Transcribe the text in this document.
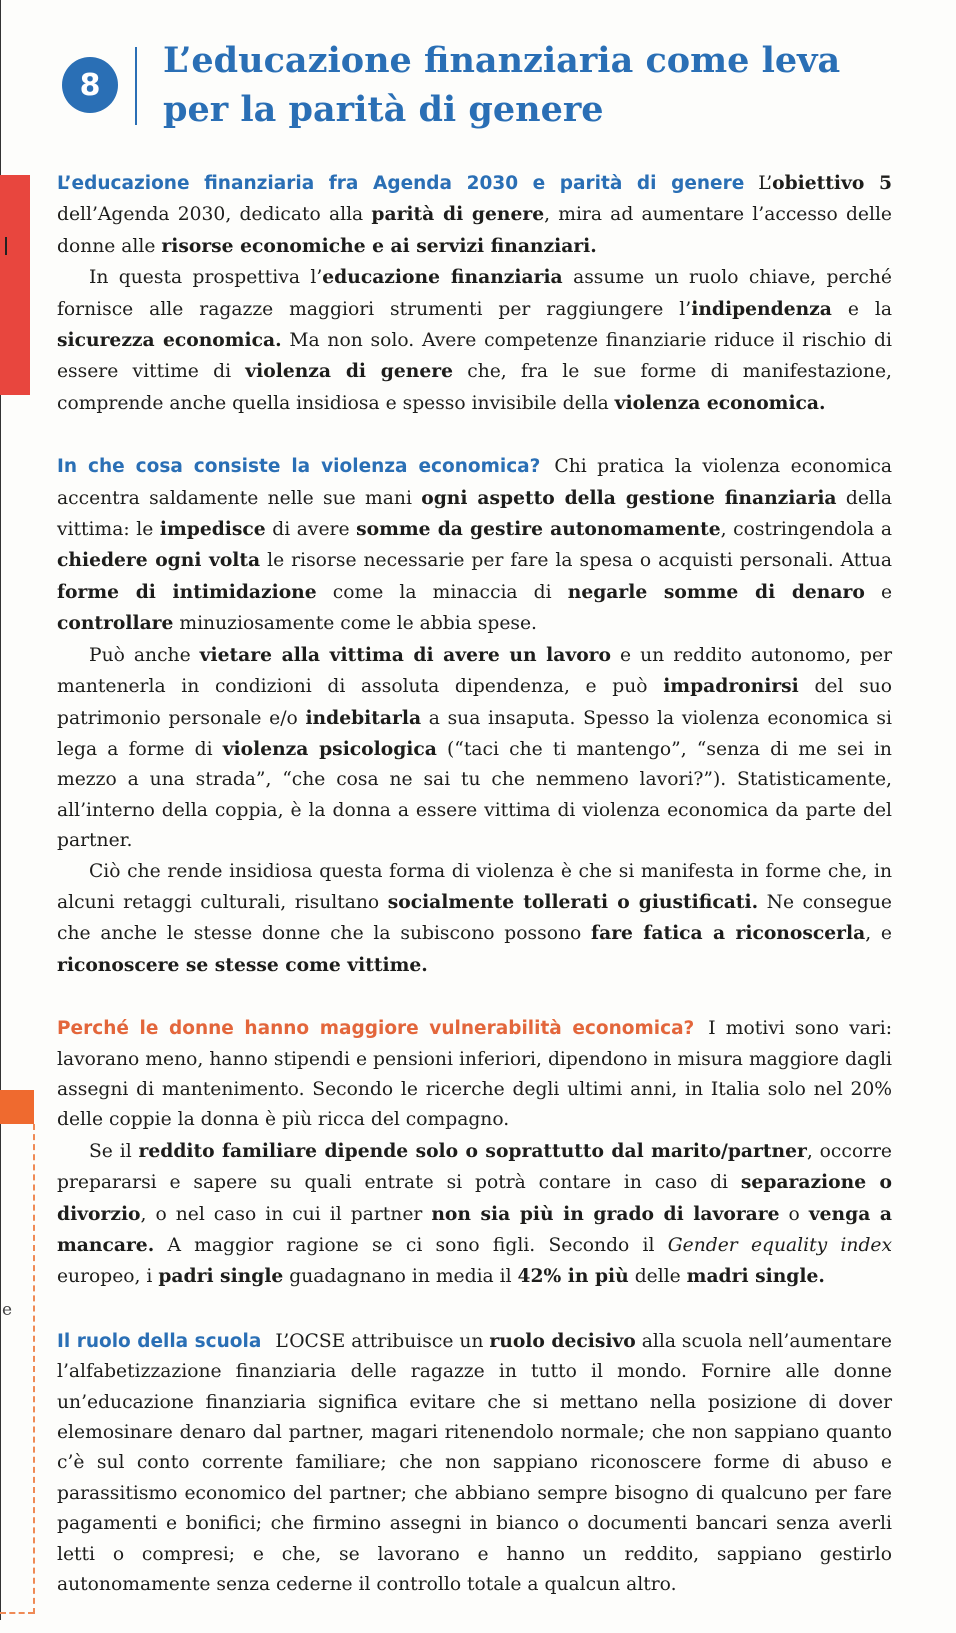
e
8
L’educazione finanziaria come leva
per la parità di genere

L’educazione finanziaria fra Agenda 2030 e parità di genere L’obiettivo 5 dell’Agenda 2030, dedicato alla parità di genere, mira ad aumentare l’accesso delle donne alle risorse economiche e ai servizi finanziari.

In questa prospettiva l’educazione finanziaria assume un ruolo chiave, perché fornisce alle ragazze maggiori strumenti per raggiungere l’indipendenza e la sicurezza economica. Ma non solo. Avere competenze finanziarie riduce il rischio di essere vittime di violenza di genere che, fra le sue forme di manifestazione, comprende anche quella insidiosa e spesso invisibile della violenza economica.

In che cosa consiste la violenza economica? Chi pratica la violenza economica accentra saldamente nelle sue mani ogni aspetto della gestione finanziaria della vittima: le impedisce di avere somme da gestire autonomamente, costringendola a chiedere ogni volta le risorse necessarie per fare la spesa o acquisti personali. Attua forme di intimidazione come la minaccia di negarle somme di denaro e controllare minuziosamente come le abbia spese.

Può anche vietare alla vittima di avere un lavoro e un reddito autonomo, per mantenerla in condizioni di assoluta dipendenza, e può impadronirsi del suo patrimonio personale e/o indebitarla a sua insaputa. Spesso la violenza economica si lega a forme di violenza psicologica (“taci che ti mantengo”, “senza di me sei in mezzo a una strada”, “che cosa ne sai tu che nemmeno lavori?”). Statisticamente, all’interno della coppia, è la donna a essere vittima di violenza economica da parte del partner.

Ciò che rende insidiosa questa forma di violenza è che si manifesta in forme che, in alcuni retaggi culturali, risultano socialmente tollerati o giustificati. Ne consegue che anche le stesse donne che la subiscono possono fare fatica a riconoscerla, e riconoscere se stesse come vittime.

Perché le donne hanno maggiore vulnerabilità economica? I motivi sono vari: lavorano meno, hanno stipendi e pensioni inferiori, dipendono in misura maggiore dagli assegni di mantenimento. Secondo le ricerche degli ultimi anni, in Italia solo nel 20% delle coppie la donna è più ricca del compagno.

Se il reddito familiare dipende solo o soprattutto dal marito/partner, occorre prepararsi e sapere su quali entrate si potrà contare in caso di separazione o divorzio, o nel caso in cui il partner non sia più in grado di lavorare o venga a mancare. A maggior ragione se ci sono figli. Secondo il Gender equality index europeo, i padri single guadagnano in media il 42% in più delle madri single.

Il ruolo della scuola L’OCSE attribuisce un ruolo decisivo alla scuola nell’aumentare l’alfabetizzazione finanziaria delle ragazze in tutto il mondo. Fornire alle donne un’educazione finanziaria significa evitare che si mettano nella posizione di dover elemosinare denaro dal partner, magari ritenendolo normale; che non sappiano quanto c’è sul conto corrente familiare; che non sappiano riconoscere forme di abuso e parassitismo economico del partner; che abbiano sempre bisogno di qualcuno per fare pagamenti e bonifici; che firmino assegni in bianco o documenti bancari senza averli letti o compresi; e che, se lavorano e hanno un reddito, sappiano gestirlo autonomamente senza cederne il controllo totale a qualcun altro.
